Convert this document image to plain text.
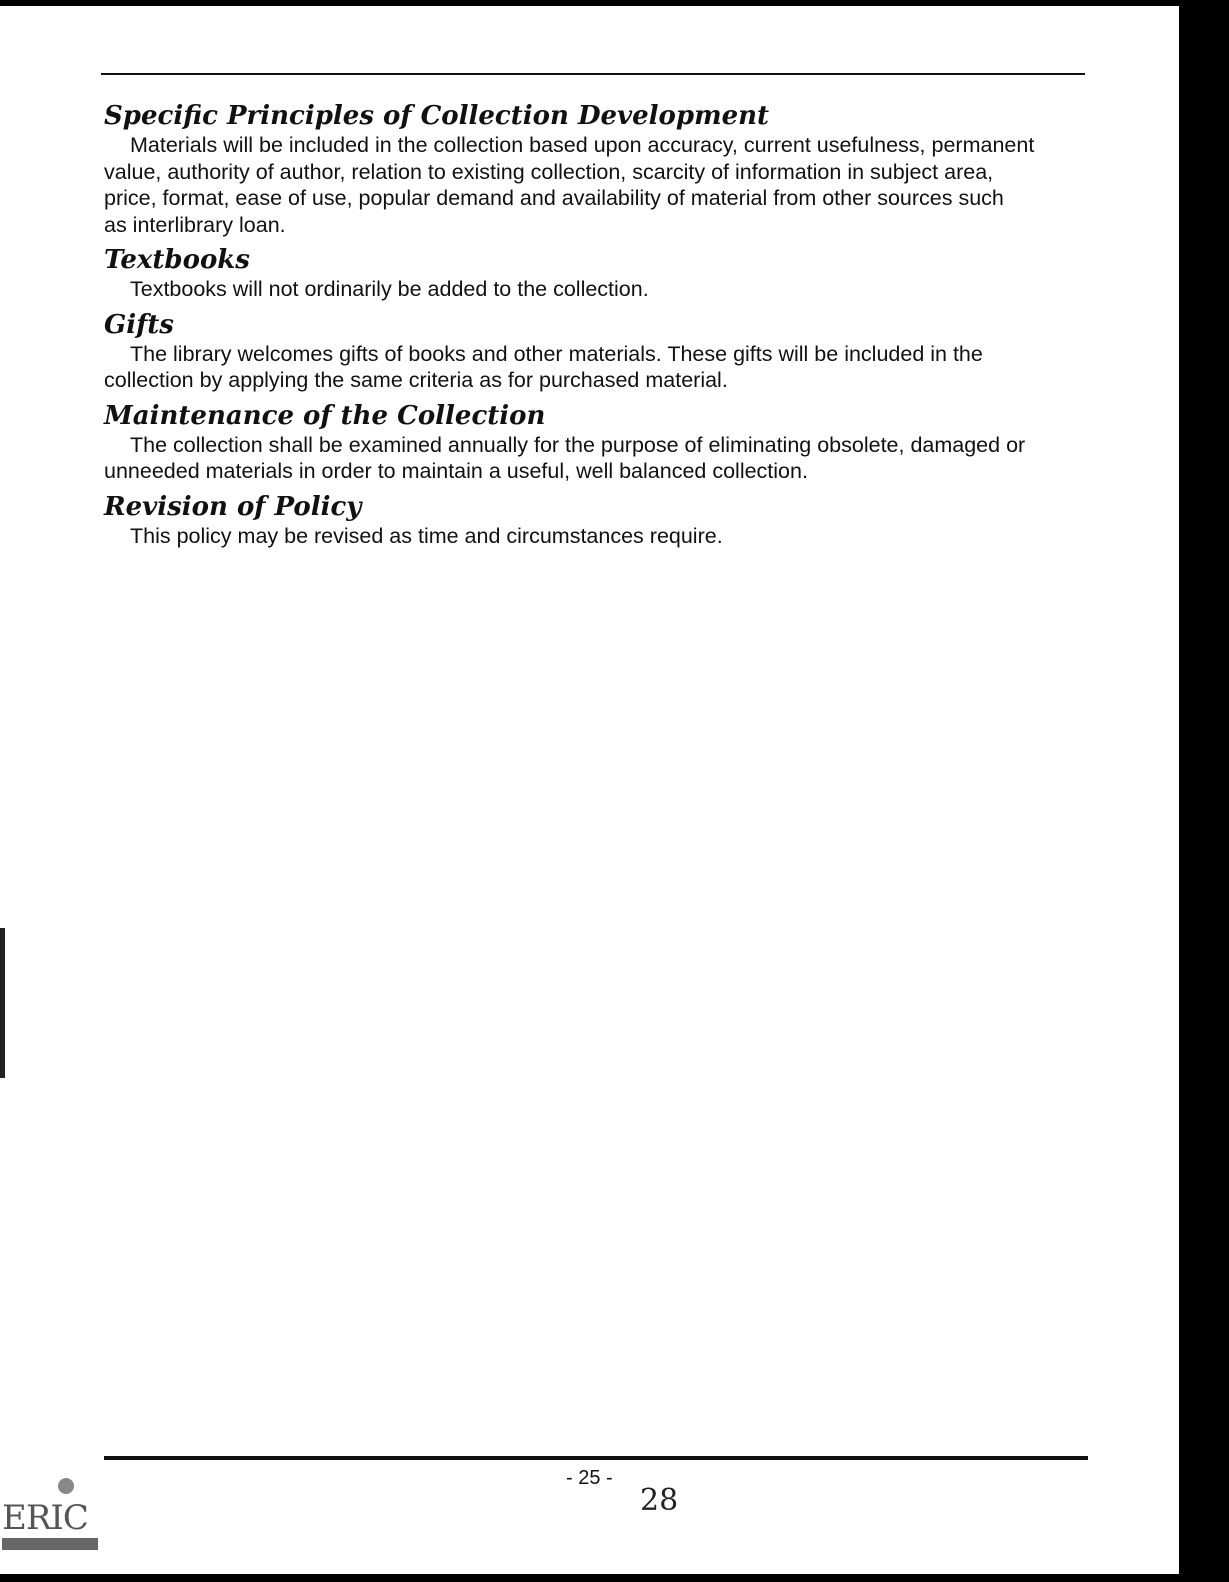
Specific Principles of Collection Development

Materials will be included in the collection based upon accuracy, current usefulness, permanent
value, authority of author, relation to existing collection, scarcity of information in subject area,
price, format, ease of use, popular demand and availability of material from other sources such
as interlibrary loan.

Textbooks

Textbooks will not ordinarily be added to the collection.

Gifts

The library welcomes gifts of books and other materials. These gifts will be included in the
collection by applying the same criteria as for purchased material.

Maintenance of the Collection

The collection shall be examined annually for the purpose of eliminating obsolete, damaged or
unneeded materials in order to maintain a useful, well balanced collection.

Revision of Policy

This policy may be revised as time and circumstances require.

- 25 -
28
ERIC
